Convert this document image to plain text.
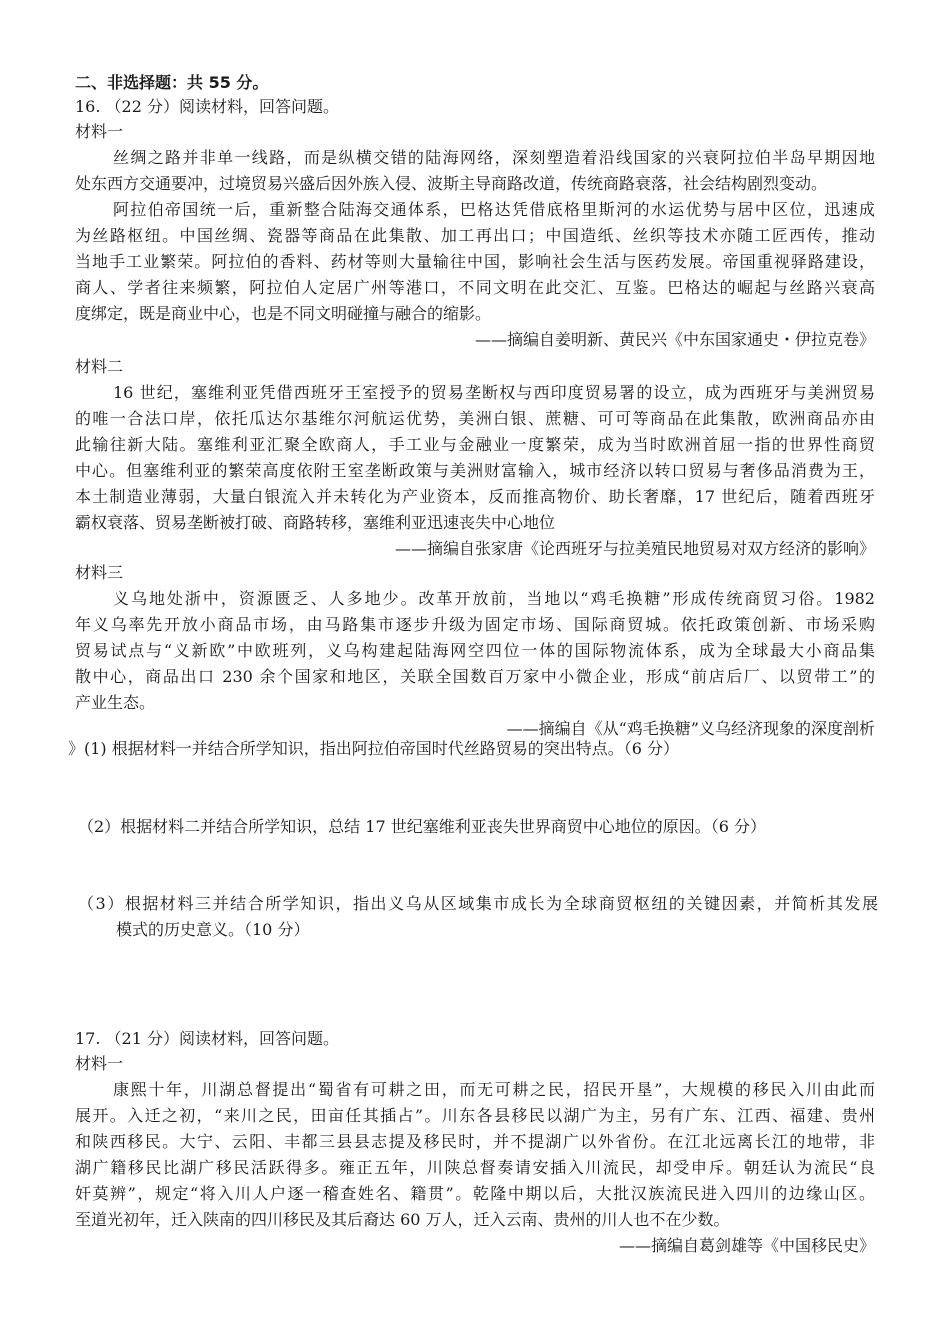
二、非选择题：共 55 分。
16. （22 分）阅读材料，回答问题。
材料一
丝绸之路并非单一线路，而是纵横交错的陆海网络，深刻塑造着沿线国家的兴衰阿拉伯半岛早期因地
处东西方交通要冲，过境贸易兴盛后因外族入侵、波斯主导商路改道，传统商路衰落，社会结构剧烈变动。
阿拉伯帝国统一后，重新整合陆海交通体系，巴格达凭借底格里斯河的水运优势与居中区位，迅速成
为丝路枢纽。中国丝绸、瓷器等商品在此集散、加工再出口；中国造纸、丝织等技术亦随工匠西传，推动
当地手工业繁荣。阿拉伯的香料、药材等则大量输往中国，影响社会生活与医药发展。帝国重视驿路建设，
商人、学者往来频繁，阿拉伯人定居广州等港口，不同文明在此交汇、互鉴。巴格达的崛起与丝路兴衰高
度绑定，既是商业中心，也是不同文明碰撞与融合的缩影。
——摘编自姜明新、黄民兴《中东国家通史・伊拉克卷》
材料二
16 世纪，塞维利亚凭借西班牙王室授予的贸易垄断权与西印度贸易署的设立，成为西班牙与美洲贸易
的唯一合法口岸，依托瓜达尔基维尔河航运优势，美洲白银、蔗糖、可可等商品在此集散，欧洲商品亦由
此输往新大陆。塞维利亚汇聚全欧商人，手工业与金融业一度繁荣，成为当时欧洲首屈一指的世界性商贸
中心。但塞维利亚的繁荣高度依附王室垄断政策与美洲财富输入，城市经济以转口贸易与奢侈品消费为王，
本土制造业薄弱，大量白银流入并未转化为产业资本，反而推高物价、助长奢靡，17 世纪后，随着西班牙
霸权衰落、贸易垄断被打破、商路转移，塞维利亚迅速丧失中心地位
——摘编自张家唐《论西班牙与拉美殖民地贸易对双方经济的影响》
材料三
义乌地处浙中，资源匮乏、人多地少。改革开放前，当地以“鸡毛换糖”形成传统商贸习俗。1982
年义乌率先开放小商品市场，由马路集市逐步升级为固定市场、国际商贸城。依托政策创新、市场采购
贸易试点与“义新欧”中欧班列，义乌构建起陆海网空四位一体的国际物流体系，成为全球最大小商品集
散中心，商品出口 230 余个国家和地区，关联全国数百万家中小微企业，形成“前店后厂、以贸带工”的
产业生态。
——摘编自《从“鸡毛换糖”义乌经济现象的深度剖析
》(1) 根据材料一并结合所学知识，指出阿拉伯帝国时代丝路贸易的突出特点。（6 分）
（2）根据材料二并结合所学知识，总结 17 世纪塞维利亚丧失世界商贸中心地位的原因。（6 分）
（3）根据材料三并结合所学知识，指出义乌从区域集市成长为全球商贸枢纽的关键因素，并简析其发展
模式的历史意义。（10 分）
17. （21 分）阅读材料，回答问题。
材料一
康熙十年，川湖总督提出“蜀省有可耕之田，而无可耕之民，招民开垦”，大规模的移民入川由此而
展开。入迁之初，“来川之民，田亩任其插占”。川东各县移民以湖广为主，另有广东、江西、福建、贵州
和陕西移民。大宁、云阳、丰都三县县志提及移民时，并不提湖广以外省份。在江北远离长江的地带，非
湖广籍移民比湖广移民活跃得多。雍正五年，川陕总督奏请安插入川流民，却受申斥。朝廷认为流民“良
奸莫辨”，规定“将入川人户逐一稽查姓名、籍贯”。乾隆中期以后，大批汉族流民进入四川的边缘山区。
至道光初年，迁入陕南的四川移民及其后裔达 60 万人，迁入云南、贵州的川人也不在少数。
——摘编自葛剑雄等《中国移民史》
